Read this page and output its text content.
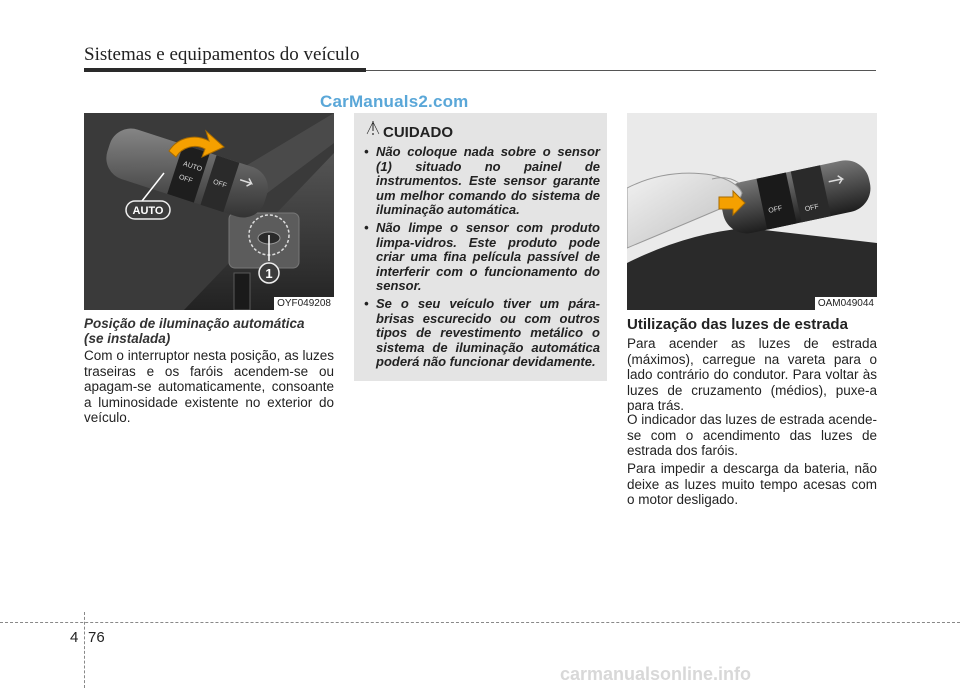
Sistemas e equipamentos do veículo
CarManuals2.com
AUTO
OFF	OFF
AUTO
1
OYF049208
Posição de iluminação automática
(se instalada)
Com o interruptor nesta posição, as luzes traseiras e os faróis acendem-se ou apagam-se automaticamente, consoante a luminosidade existente no exterior do veículo.
CUIDADO
• Não coloque nada sobre o sensor (1) situado no painel de instrumentos. Este sensor garante um melhor comando do sistema de iluminação automática.
• Não limpe o sensor com produto limpa-vidros. Este produto pode criar uma fina película passível de interferir com o funcionamento do sensor.
• Se o seu veículo tiver um pára-brisas escurecido ou com outros tipos de revestimento metálico o sistema de iluminação automática poderá não funcionar devidamente.
OFF	OFF
OAM049044
Utilização das luzes de estrada
Para acender as luzes de estrada (máximos), carregue na vareta para o lado contrário do condutor. Para voltar às luzes de cruzamento (médios), puxe-a para trás.
O indicador das luzes de estrada acende-se com o acendimento das luzes de estrada dos faróis.
Para impedir a descarga da bateria, não deixe as luzes muito tempo acesas com o motor desligado.
4 76
carmanualsonline.info
